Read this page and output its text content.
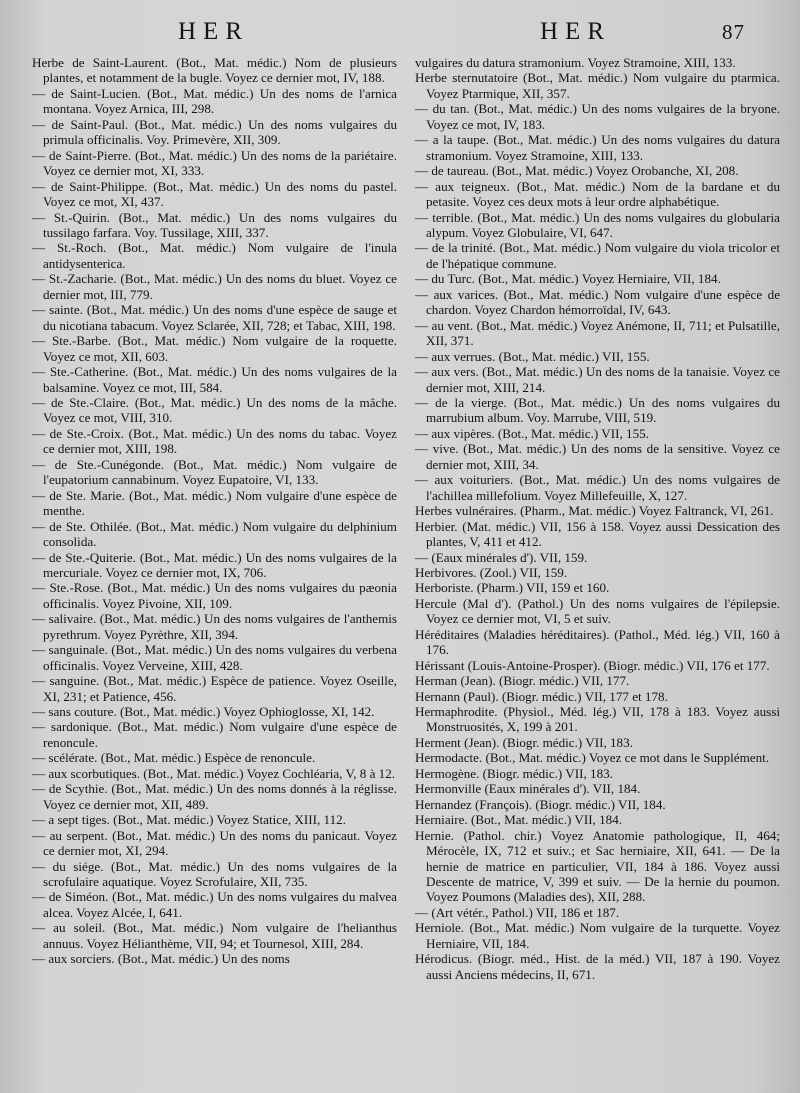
HER	HER	87

Herbe de Saint-Laurent. (Bot., Mat. médic.) Nom de plusieurs plantes, et notamment de la bugle. Voyez ce dernier mot, IV, 188.

— de Saint-Lucien. (Bot., Mat. médic.) Un des noms de l'arnica montana. Voyez Arnica, III, 298.

— de Saint-Paul. (Bot., Mat. médic.) Un des noms vulgaires du primula officinalis. Voy. Primevère, XII, 309.

— de Saint-Pierre. (Bot., Mat. médic.) Un des noms de la pariétaire. Voyez ce dernier mot, XI, 333.

— de Saint-Philippe. (Bot., Mat. médic.) Un des noms du pastel. Voyez ce mot, XI, 437.

— St.-Quirin. (Bot., Mat. médic.) Un des noms vulgaires du tussilago farfara. Voy. Tussilage, XIII, 337.

— St.-Roch. (Bot., Mat. médic.) Nom vulgaire de l'inula antidysenterica.

— St.-Zacharie. (Bot., Mat. médic.) Un des noms du bluet. Voyez ce dernier mot, III, 779.

— sainte. (Bot., Mat. médic.) Un des noms d'une espèce de sauge et du nicotiana tabacum. Voyez Sclarée, XII, 728; et Tabac, XIII, 198.

— Ste.-Barbe. (Bot., Mat. médic.) Nom vulgaire de la roquette. Voyez ce mot, XII, 603.

— Ste.-Catherine. (Bot., Mat. médic.) Un des noms vulgaires de la balsamine. Voyez ce mot, III, 584.

— de Ste.-Claire. (Bot., Mat. médic.) Un des noms de la mâche. Voyez ce mot, VIII, 310.

— de Ste.-Croix. (Bot., Mat. médic.) Un des noms du tabac. Voyez ce dernier mot, XIII, 198.

— de Ste.-Cunégonde. (Bot., Mat. médic.) Nom vulgaire de l'eupatorium cannabinum. Voyez Eupatoire, VI, 133.

— de Ste. Marie. (Bot., Mat. médic.) Nom vulgaire d'une espèce de menthe.

— de Ste. Othilée. (Bot., Mat. médic.) Nom vulgaire du delphinium consolida.

— de Ste.-Quiterie. (Bot., Mat. médic.) Un des noms vulgaires de la mercuriale. Voyez ce dernier mot, IX, 706.

— Ste.-Rose. (Bot., Mat. médic.) Un des noms vulgaires du pæonia officinalis. Voyez Pivoine, XII, 109.

— salivaire. (Bot., Mat. médic.) Un des noms vulgaires de l'anthemis pyrethrum. Voyez Pyrèthre, XII, 394.

— sanguinale. (Bot., Mat. médic.) Un des noms vulgaires du verbena officinalis. Voyez Verveine, XIII, 428.

— sanguine. (Bot., Mat. médic.) Espèce de patience. Voyez Oseille, XI, 231; et Patience, 456.

— sans couture. (Bot., Mat. médic.) Voyez Ophioglosse, XI, 142.

— sardonique. (Bot., Mat. médic.) Nom vulgaire d'une espèce de renoncule.

— scélérate. (Bot., Mat. médic.) Espèce de renoncule.

— aux scorbutiques. (Bot., Mat. médic.) Voyez Cochléaria, V, 8 à 12.

— de Scythie. (Bot., Mat. médic.) Un des noms donnés à la réglisse. Voyez ce dernier mot, XII, 489.

— a sept tiges. (Bot., Mat. médic.) Voyez Statice, XIII, 112.

— au serpent. (Bot., Mat. médic.) Un des noms du panicaut. Voyez ce dernier mot, XI, 294.

— du siége. (Bot., Mat. médic.) Un des noms vulgaires de la scrofulaire aquatique. Voyez Scrofulaire, XII, 735.

— de Siméon. (Bot., Mat. médic.) Un des noms vulgaires du malvea alcea. Voyez Alcée, I, 641.

— au soleil. (Bot., Mat. médic.) Nom vulgaire de l'helianthus annuus. Voyez Hélianthème, VII, 94; et Tournesol, XIII, 284.

— aux sorciers. (Bot., Mat. médic.) Un des noms

vulgaires du datura stramonium. Voyez Stramoine, XIII, 133.

Herbe sternutatoire (Bot., Mat. médic.) Nom vulgaire du ptarmica. Voyez Ptarmique, XII, 357.

— du tan. (Bot., Mat. médic.) Un des noms vulgaires de la bryone. Voyez ce mot, IV, 183.

— a la taupe. (Bot., Mat. médic.) Un des noms vulgaires du datura stramonium. Voyez Stramoine, XIII, 133.

— de taureau. (Bot., Mat. médic.) Voyez Orobanche, XI, 208.

— aux teigneux. (Bot., Mat. médic.) Nom de la bardane et du petasite. Voyez ces deux mots à leur ordre alphabétique.

— terrible. (Bot., Mat. médic.) Un des noms vulgaires du globularia alypum. Voyez Globulaire, VI, 647.

— de la trinité. (Bot., Mat. médic.) Nom vulgaire du viola tricolor et de l'hépatique commune.

— du Turc. (Bot., Mat. médic.) Voyez Herniaire, VII, 184.

— aux varices. (Bot., Mat. médic.) Nom vulgaire d'une espèce de chardon. Voyez Chardon hémorroïdal, IV, 643.

— au vent. (Bot., Mat. médic.) Voyez Anémone, II, 711; et Pulsatille, XII, 371.

— aux verrues. (Bot., Mat. médic.) VII, 155.

— aux vers. (Bot., Mat. médic.) Un des noms de la tanaisie. Voyez ce dernier mot, XIII, 214.

— de la vierge. (Bot., Mat. médic.) Un des noms vulgaires du marrubium album. Voy. Marrube, VIII, 519.

— aux vipères. (Bot., Mat. médic.) VII, 155.

— vive. (Bot., Mat. médic.) Un des noms de la sensitive. Voyez ce dernier mot, XIII, 34.

— aux voituriers. (Bot., Mat. médic.) Un des noms vulgaires de l'achillea millefolium. Voyez Millefeuille, X, 127.

Herbes vulnéraires. (Pharm., Mat. médic.) Voyez Faltranck, VI, 261.

Herbier. (Mat. médic.) VII, 156 à 158. Voyez aussi Dessication des plantes, V, 411 et 412.

— (Eaux minérales d'). VII, 159.

Herbivores. (Zool.) VII, 159.

Herboriste. (Pharm.) VII, 159 et 160.

Hercule (Mal d'). (Pathol.) Un des noms vulgaires de l'épilepsie. Voyez ce dernier mot, VI, 5 et suiv.

Héréditaires (Maladies héréditaires). (Pathol., Méd. lég.) VII, 160 à 176.

Hérissant (Louis-Antoine-Prosper). (Biogr. médic.) VII, 176 et 177.

Herman (Jean). (Biogr. médic.) VII, 177.

Hernann (Paul). (Biogr. médic.) VII, 177 et 178.

Hermaphrodite. (Physiol., Méd. lég.) VII, 178 à 183. Voyez aussi Monstruosités, X, 199 à 201.

Herment (Jean). (Biogr. médic.) VII, 183.

Hermodacte. (Bot., Mat. médic.) Voyez ce mot dans le Supplément.

Hermogène. (Biogr. médic.) VII, 183.

Hermonville (Eaux minérales d'). VII, 184.

Hernandez (François). (Biogr. médic.) VII, 184.

Herniaire. (Bot., Mat. médic.) VII, 184.

Hernie. (Pathol. chir.) Voyez Anatomie pathologique, II, 464; Mérocèle, IX, 712 et suiv.; et Sac herniaire, XII, 641. — De la hernie de matrice en particulier, VII, 184 à 186. Voyez aussi Descente de matrice, V, 399 et suiv. — De la hernie du poumon. Voyez Poumons (Maladies des), XII, 288.

— (Art vétér., Pathol.) VII, 186 et 187.

Herniole. (Bot., Mat. médic.) Nom vulgaire de la turquette. Voyez Herniaire, VII, 184.

Hérodicus. (Biogr. méd., Hist. de la méd.) VII, 187 à 190. Voyez aussi Anciens médecins, II, 671.
